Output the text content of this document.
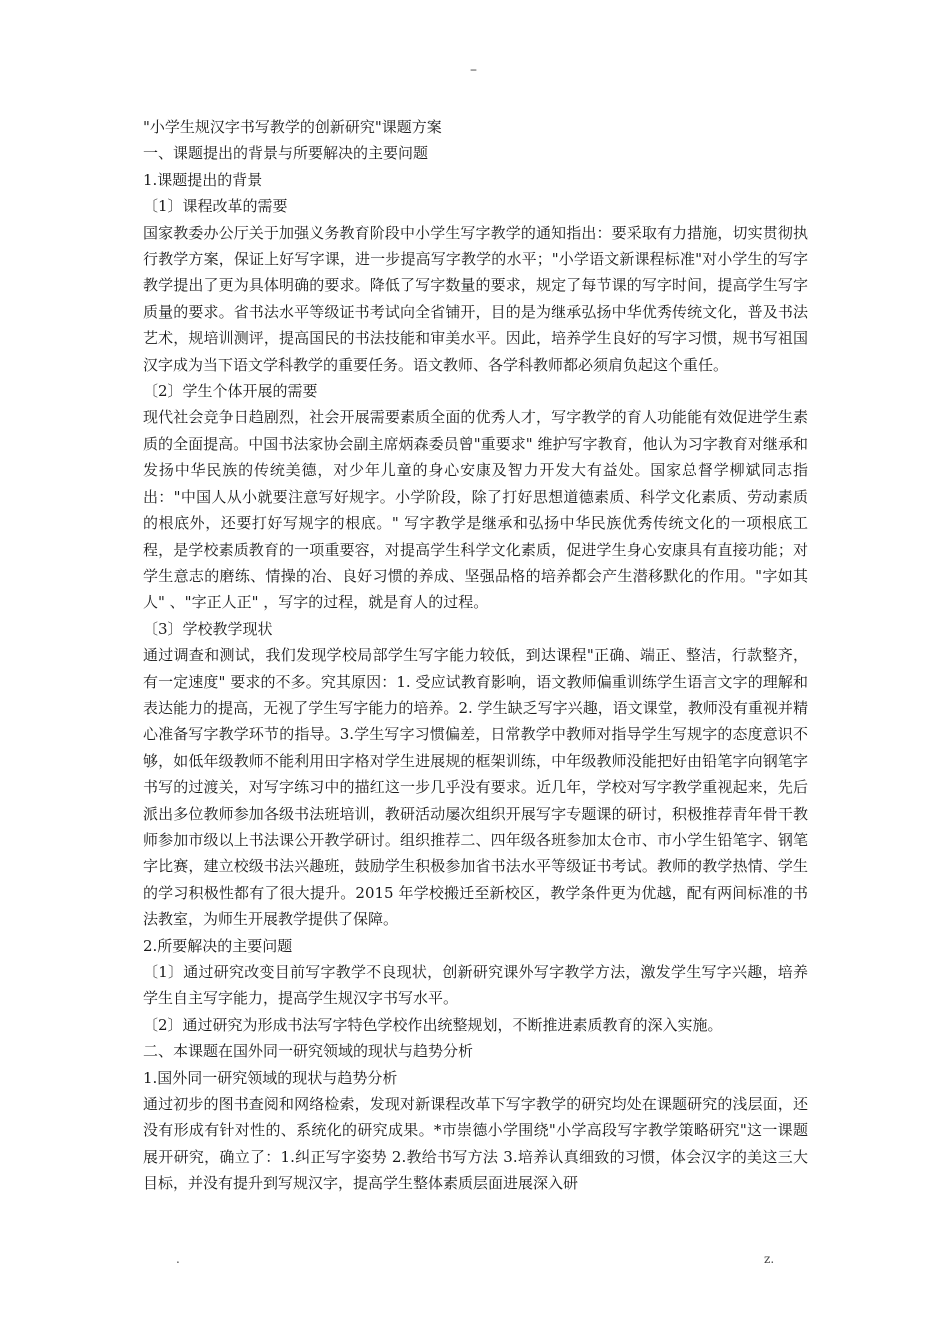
–

"小学生规汉字书写教学的创新研究"课题方案

一、课题提出的背景与所要解决的主要问题

1.课题提出的背景

〔1〕课程改革的需要

国家教委办公厅关于加强义务教育阶段中小学生写字教学的通知指出：要采取有力措施，切实贯彻执行教学方案，保证上好写字课，进一步提高写字教学的水平；"小学语文新课程标准"对小学生的写字教学提出了更为具体明确的要求。降低了写字数量的要求，规定了每节课的写字时间，提高学生写字质量的要求。省书法水平等级证书考试向全省铺开，目的是为继承弘扬中华优秀传统文化，普及书法艺术，规培训测评，提高国民的书法技能和审美水平。因此，培养学生良好的写字习惯，规书写祖国汉字成为当下语文学科教学的重要任务。语文教师、各学科教师都必须肩负起这个重任。

〔2〕学生个体开展的需要

现代社会竞争日趋剧烈，社会开展需要素质全面的优秀人才，写字教学的育人功能能有效促进学生素质的全面提高。中国书法家协会副主席炳森委员曾"重要求" 维护写字教育，他认为习字教育对继承和发扬中华民族的传统美德，对少年儿童的身心安康及智力开发大有益处。国家总督学柳斌同志指出："中国人从小就要注意写好规字。小学阶段，除了打好思想道德素质、科学文化素质、劳动素质的根底外，还要打好写规字的根底。" 写字教学是继承和弘扬中华民族优秀传统文化的一项根底工程，是学校素质教育的一项重要容，对提高学生科学文化素质，促进学生身心安康具有直接功能；对学生意志的磨练、情操的冶、良好习惯的养成、坚强品格的培养都会产生潜移默化的作用。"字如其人" 、"字正人正" ，写字的过程，就是育人的过程。

〔3〕学校教学现状

通过调查和测试，我们发现学校局部学生写字能力较低，到达课程"正确、端正、整洁，行款整齐，有一定速度" 要求的不多。究其原因：1. 受应试教育影响，语文教师偏重训练学生语言文字的理解和表达能力的提高，无视了学生写字能力的培养。2. 学生缺乏写字兴趣，语文课堂，教师没有重视并精心准备写字教学环节的指导。3.学生写字习惯偏差，日常教学中教师对指导学生写规字的态度意识不够，如低年级教师不能利用田字格对学生进展规的框架训练，中年级教师没能把好由铅笔字向钢笔字书写的过渡关，对写字练习中的描红这一步几乎没有要求。近几年，学校对写字教学重视起来，先后派出多位教师参加各级书法班培训，教研活动屡次组织开展写字专题课的研讨，积极推荐青年骨干教师参加市级以上书法课公开教学研讨。组织推荐二、四年级各班参加太仓市、市小学生铅笔字、钢笔字比赛，建立校级书法兴趣班，鼓励学生积极参加省书法水平等级证书考试。教师的教学热情、学生的学习积极性都有了很大提升。2015 年学校搬迁至新校区，教学条件更为优越，配有两间标准的书法教室，为师生开展教学提供了保障。

2.所要解决的主要问题

〔1〕通过研究改变目前写字教学不良现状，创新研究课外写字教学方法，激发学生写字兴趣，培养学生自主写字能力，提高学生规汉字书写水平。

〔2〕通过研究为形成书法写字特色学校作出统整规划，不断推进素质教育的深入实施。

二、本课题在国外同一研究领域的现状与趋势分析

1.国外同一研究领域的现状与趋势分析

通过初步的图书查阅和网络检索，发现对新课程改革下写字教学的研究均处在课题研究的浅层面，还没有形成有针对性的、系统化的研究成果。*市崇德小学围绕"小学高段写字教学策略研究"这一课题展开研究，确立了：1.纠正写字姿势 2.教给书写方法 3.培养认真细致的习惯，体会汉字的美这三大目标，并没有提升到写规汉字，提高学生整体素质层面进展深入研

.	z.
